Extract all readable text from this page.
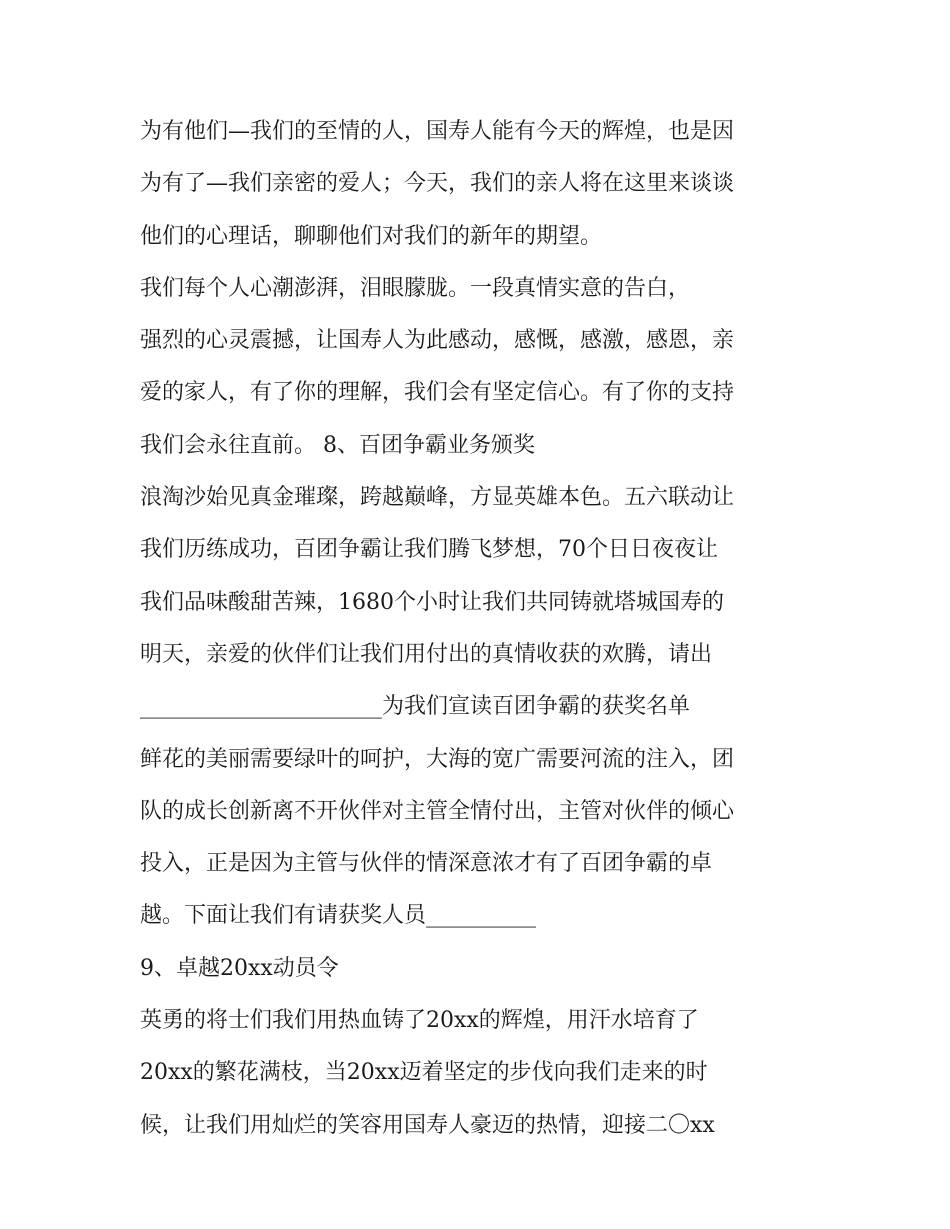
为有他们—我们的至情的人，国寿人能有今天的辉煌，也是因
为有了—我们亲密的爱人；今天，我们的亲人将在这里来谈谈
他们的心理话，聊聊他们对我们的新年的期望。
我们每个人心潮澎湃，泪眼朦胧。一段真情实意的告白，
强烈的心灵震撼，让国寿人为此感动，感慨，感激，感恩，亲
爱的家人，有了你的理解，我们会有坚定信心。有了你的支持
我们会永往直前。 8、百团争霸业务颁奖
浪淘沙始见真金璀璨，跨越巅峰，方显英雄本色。五六联动让
我们历练成功，百团争霸让我们腾飞梦想，70个日日夜夜让
我们品味酸甜苦辣，1680个小时让我们共同铸就塔城国寿的
明天，亲爱的伙伴们让我们用付出的真情收获的欢腾，请出
______________________为我们宣读百团争霸的获奖名单
鲜花的美丽需要绿叶的呵护，大海的宽广需要河流的注入，团
队的成长创新离不开伙伴对主管全情付出，主管对伙伴的倾心
投入，正是因为主管与伙伴的情深意浓才有了百团争霸的卓
越。下面让我们有请获奖人员__________
9、卓越20xx动员令
英勇的将士们我们用热血铸了20xx的辉煌，用汗水培育了
20xx的繁花满枝，当20xx迈着坚定的步伐向我们走来的时
候，让我们用灿烂的笑容用国寿人豪迈的热情，迎接二〇xx
